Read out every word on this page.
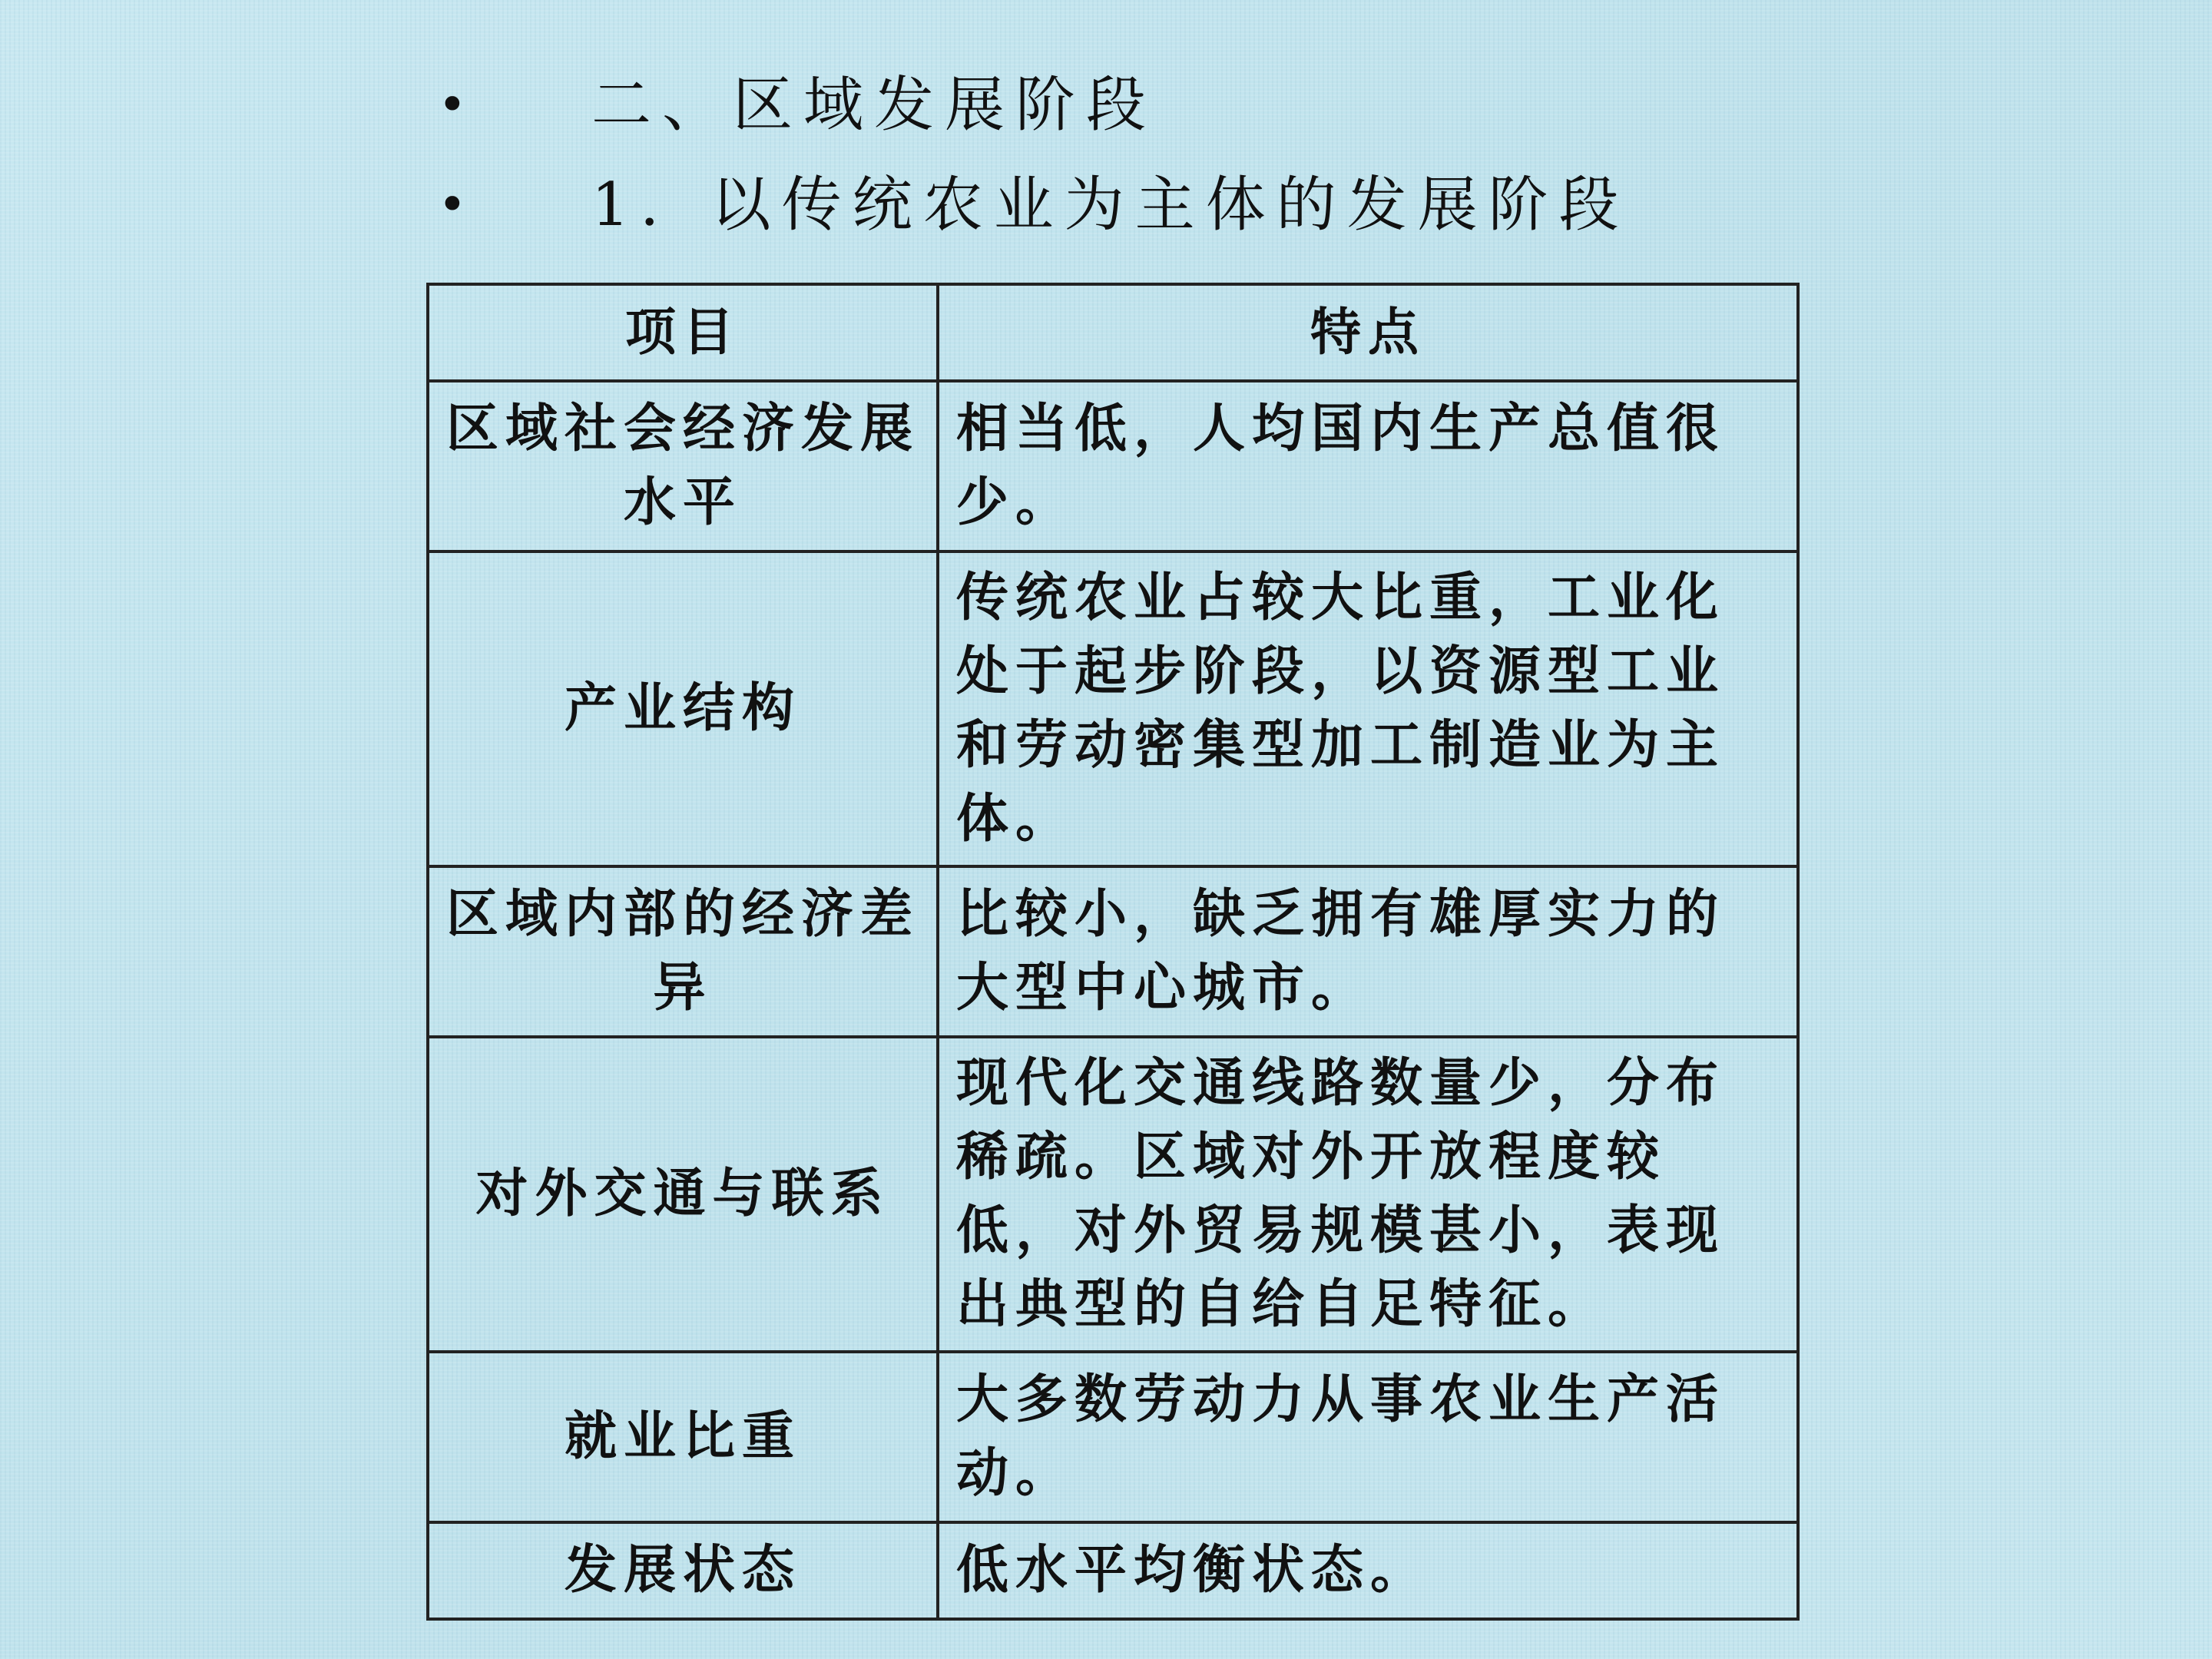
• 二、区域发展阶段
• 1．以传统农业为主体的发展阶段
项目	特点
区域社会经济发展水平	相当低，人均国内生产总值很少。
产业结构	传统农业占较大比重，工业化处于起步阶段，以资源型工业和劳动密集型加工制造业为主体。
区域内部的经济差异	比较小，缺乏拥有雄厚实力的大型中心城市。
对外交通与联系	现代化交通线路数量少，分布稀疏。区域对外开放程度较低，对外贸易规模甚小，表现出典型的自给自足特征。
就业比重	大多数劳动力从事农业生产活动。
发展状态	低水平均衡状态。
